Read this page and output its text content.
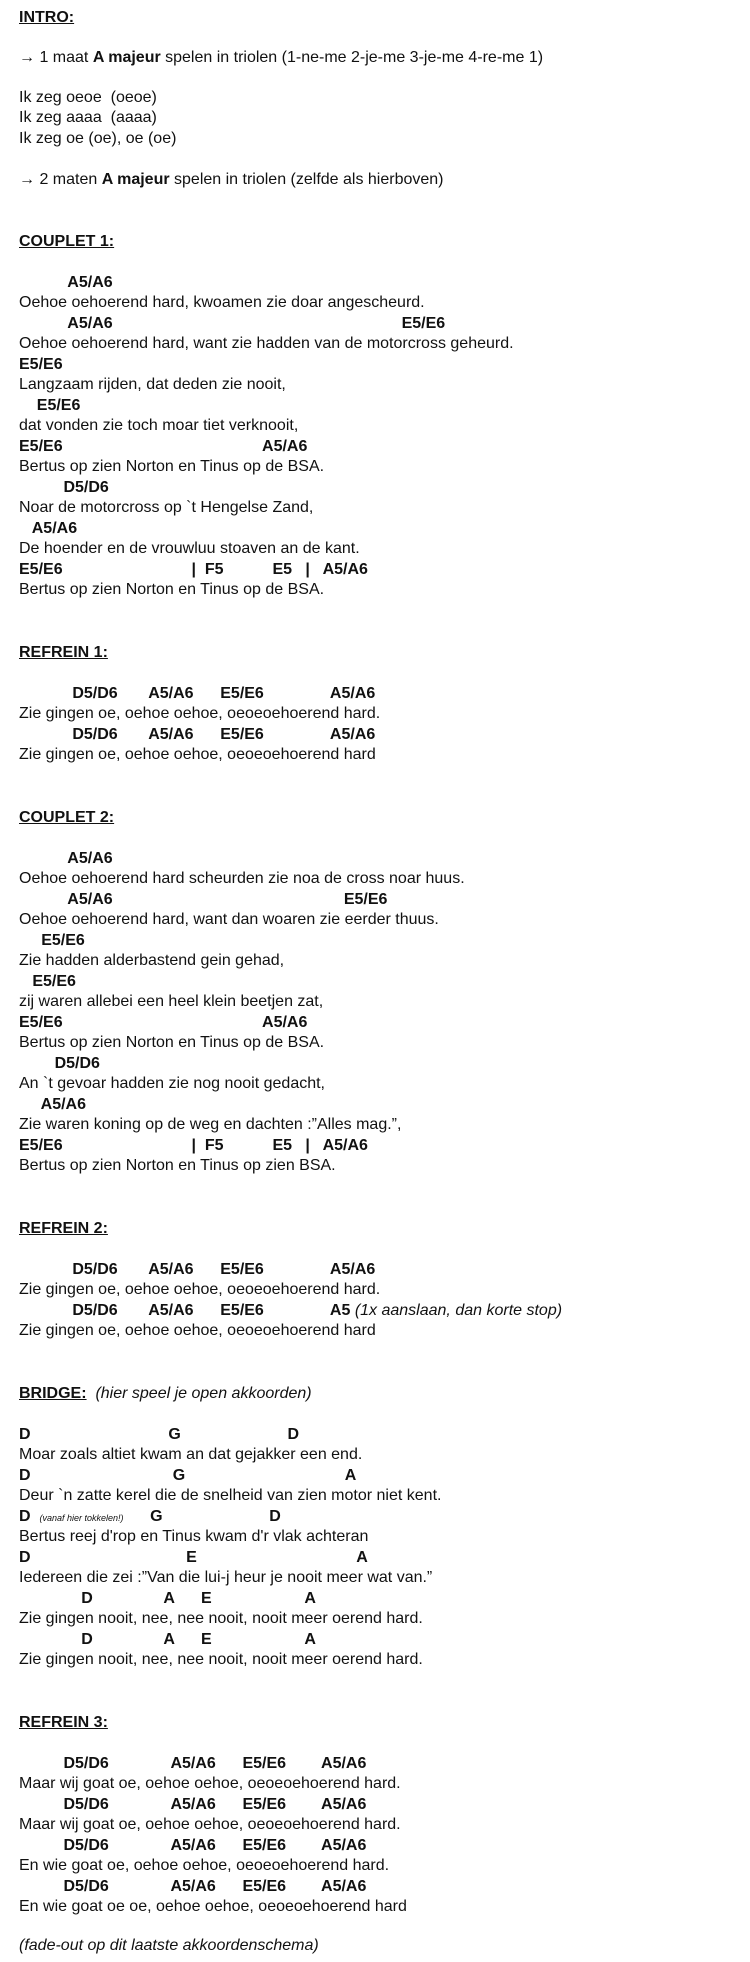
INTRO:
→ 1 maat A majeur spelen in triolen (1-ne-me 2-je-me 3-je-me 4-re-me 1)
Ik zeg oeoe  (oeoe)
Ik zeg aaaa  (aaaa)
Ik zeg oe (oe), oe (oe)
→ 2 maten A majeur spelen in triolen (zelfde als hierboven)
COUPLET 1:
A5/A6
Oehoe oehoerend hard, kwoamen zie doar angescheurd.
A5/A6                                                                 E5/E6
Oehoe oehoerend hard, want zie hadden van de motorcross geheurd.
E5/E6
Langzaam rijden, dat deden zie nooit,
E5/E6
dat vonden zie toch moar tiet verknooit,
E5/E6                                             A5/A6
Bertus op zien Norton en Tinus op de BSA.
D5/D6
Noar de motorcross op `t Hengelse Zand,
A5/A6
De hoender en de vrouwluu stoaven an de kant.
E5/E6                             |  F5           E5   |   A5/A6
Bertus op zien Norton en Tinus op de BSA.
REFREIN 1:
D5/D6       A5/A6      E5/E6               A5/A6
Zie gingen oe, oehoe oehoe, oeoeoehoerend hard.
D5/D6       A5/A6      E5/E6               A5/A6
Zie gingen oe, oehoe oehoe, oeoeoehoerend hard
COUPLET 2:
A5/A6
Oehoe oehoerend hard scheurden zie noa de cross noar huus.
A5/A6                                                    E5/E6
Oehoe oehoerend hard, want dan woaren zie eerder thuus.
E5/E6
Zie hadden alderbastend gein gehad,
E5/E6
zij waren allebei een heel klein beetjen zat,
E5/E6                                             A5/A6
Bertus op zien Norton en Tinus op de BSA.
D5/D6
An `t gevoar hadden zie nog nooit gedacht,
A5/A6
Zie waren koning op de weg en dachten :”Alles mag.”,
E5/E6                             |  F5           E5   |   A5/A6
Bertus op zien Norton en Tinus op zien BSA.
REFREIN 2:
D5/D6       A5/A6      E5/E6               A5/A6
Zie gingen oe, oehoe oehoe, oeoeoehoerend hard.
D5/D6       A5/A6      E5/E6               A5 (1x aanslaan, dan korte stop)
Zie gingen oe, oehoe oehoe, oeoeoehoerend hard
BRIDGE:  (hier speel je open akkoorden)
D                               G                        D
Moar zoals altiet kwam an dat gejakker een end.
D                                G                                    A
Deur `n zatte kerel die de snelheid van zien motor niet kent.
D  (vanaf hier tokkelen!)      G                        D
Bertus reej d'rop en Tinus kwam d'r vlak achteran
D                                   E                                    A
Iedereen die zei :”Van die lui-j heur je nooit meer wat van.”
D                A      E                     A
Zie gingen nooit, nee, nee nooit, nooit meer oerend hard.
D                A      E                     A
Zie gingen nooit, nee, nee nooit, nooit meer oerend hard.
REFREIN 3:
D5/D6              A5/A6      E5/E6        A5/A6
Maar wij goat oe, oehoe oehoe, oeoeoehoerend hard.
D5/D6              A5/A6      E5/E6        A5/A6
Maar wij goat oe, oehoe oehoe, oeoeoehoerend hard.
D5/D6              A5/A6      E5/E6        A5/A6
En wie goat oe, oehoe oehoe, oeoeoehoerend hard.
D5/D6              A5/A6      E5/E6        A5/A6
En wie goat oe oe, oehoe oehoe, oeoeoehoerend hard
(fade-out op dit laatste akkoordenschema)
